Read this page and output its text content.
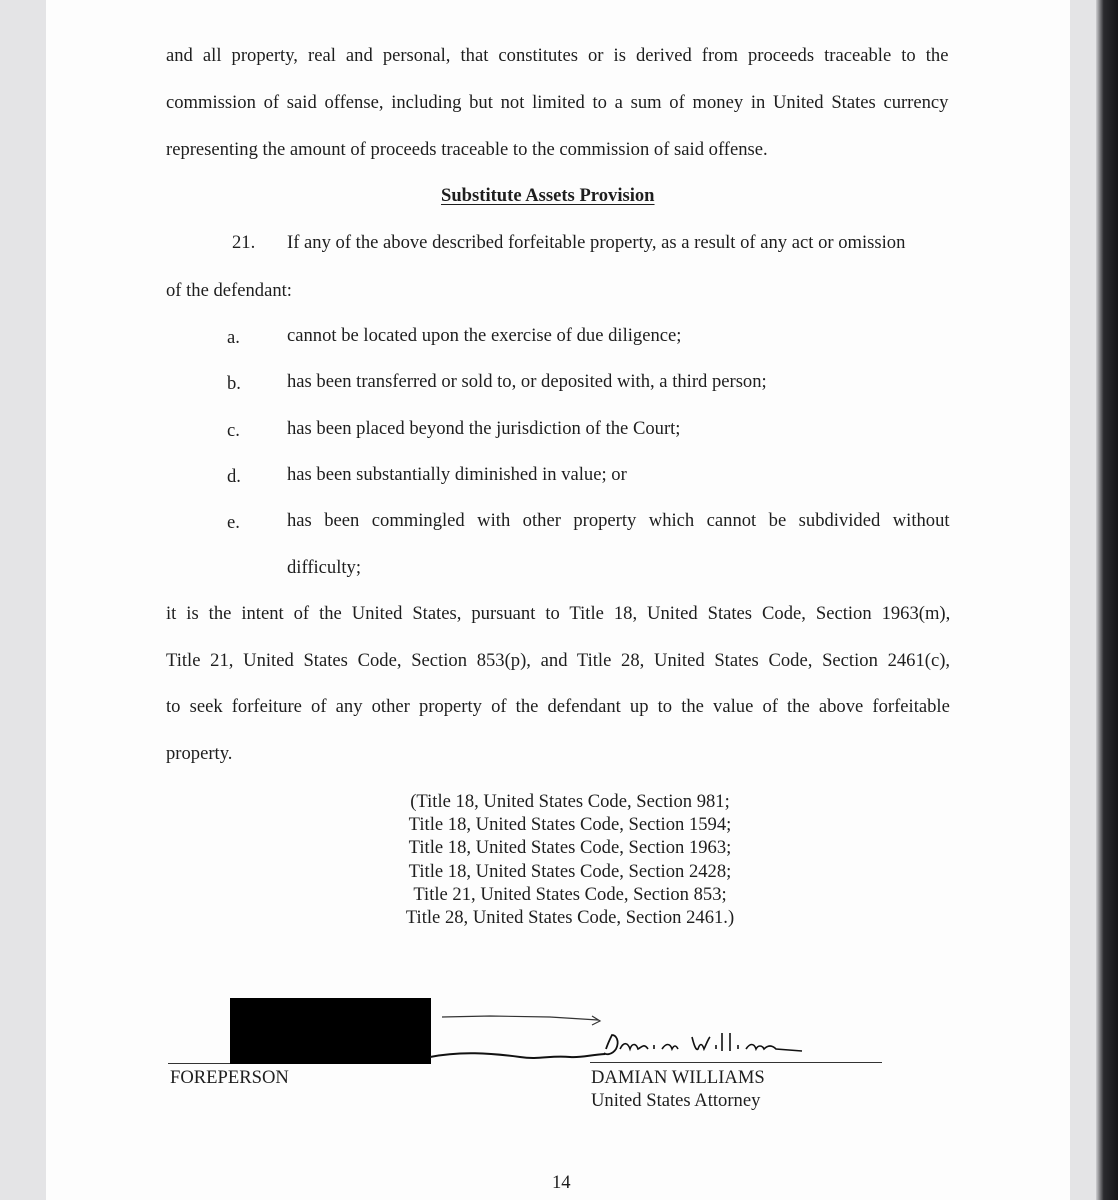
and all property, real and personal, that constitutes or is derived from proceeds traceable to the
commission of said offense, including but not limited to a sum of money in United States currency
representing the amount of proceeds traceable to the commission of said offense.
Substitute Assets Provision
21. If any of the above described forfeitable property, as a result of any act or omission
of the defendant:
a.	cannot be located upon the exercise of due diligence;
b. has been transferred or sold to, or deposited with, a third person;
c.	has been placed beyond the jurisdiction of the Court;
d. has been substantially diminished in value; or
e.	has been commingled with other property which cannot be subdivided without
difficulty;
it is the intent of the United States, pursuant to Title 18, United States Code, Section 1963(m),
Title 21, United States Code, Section 853(p), and Title 28, United States Code, Section 2461(c),
to seek forfeiture of any other property of the defendant up to the value of the above forfeitable
property.
(Title 18, United States Code, Section 981;
Title 18, United States Code, Section 1594;
Title 18, United States Code, Section 1963;
Title 18, United States Code, Section 2428;
Title 21, United States Code, Section 853;
Title 28, United States Code, Section 2461.)
FOREPERSON	DAMIAN WILLIAMS
United States Attorney
14
